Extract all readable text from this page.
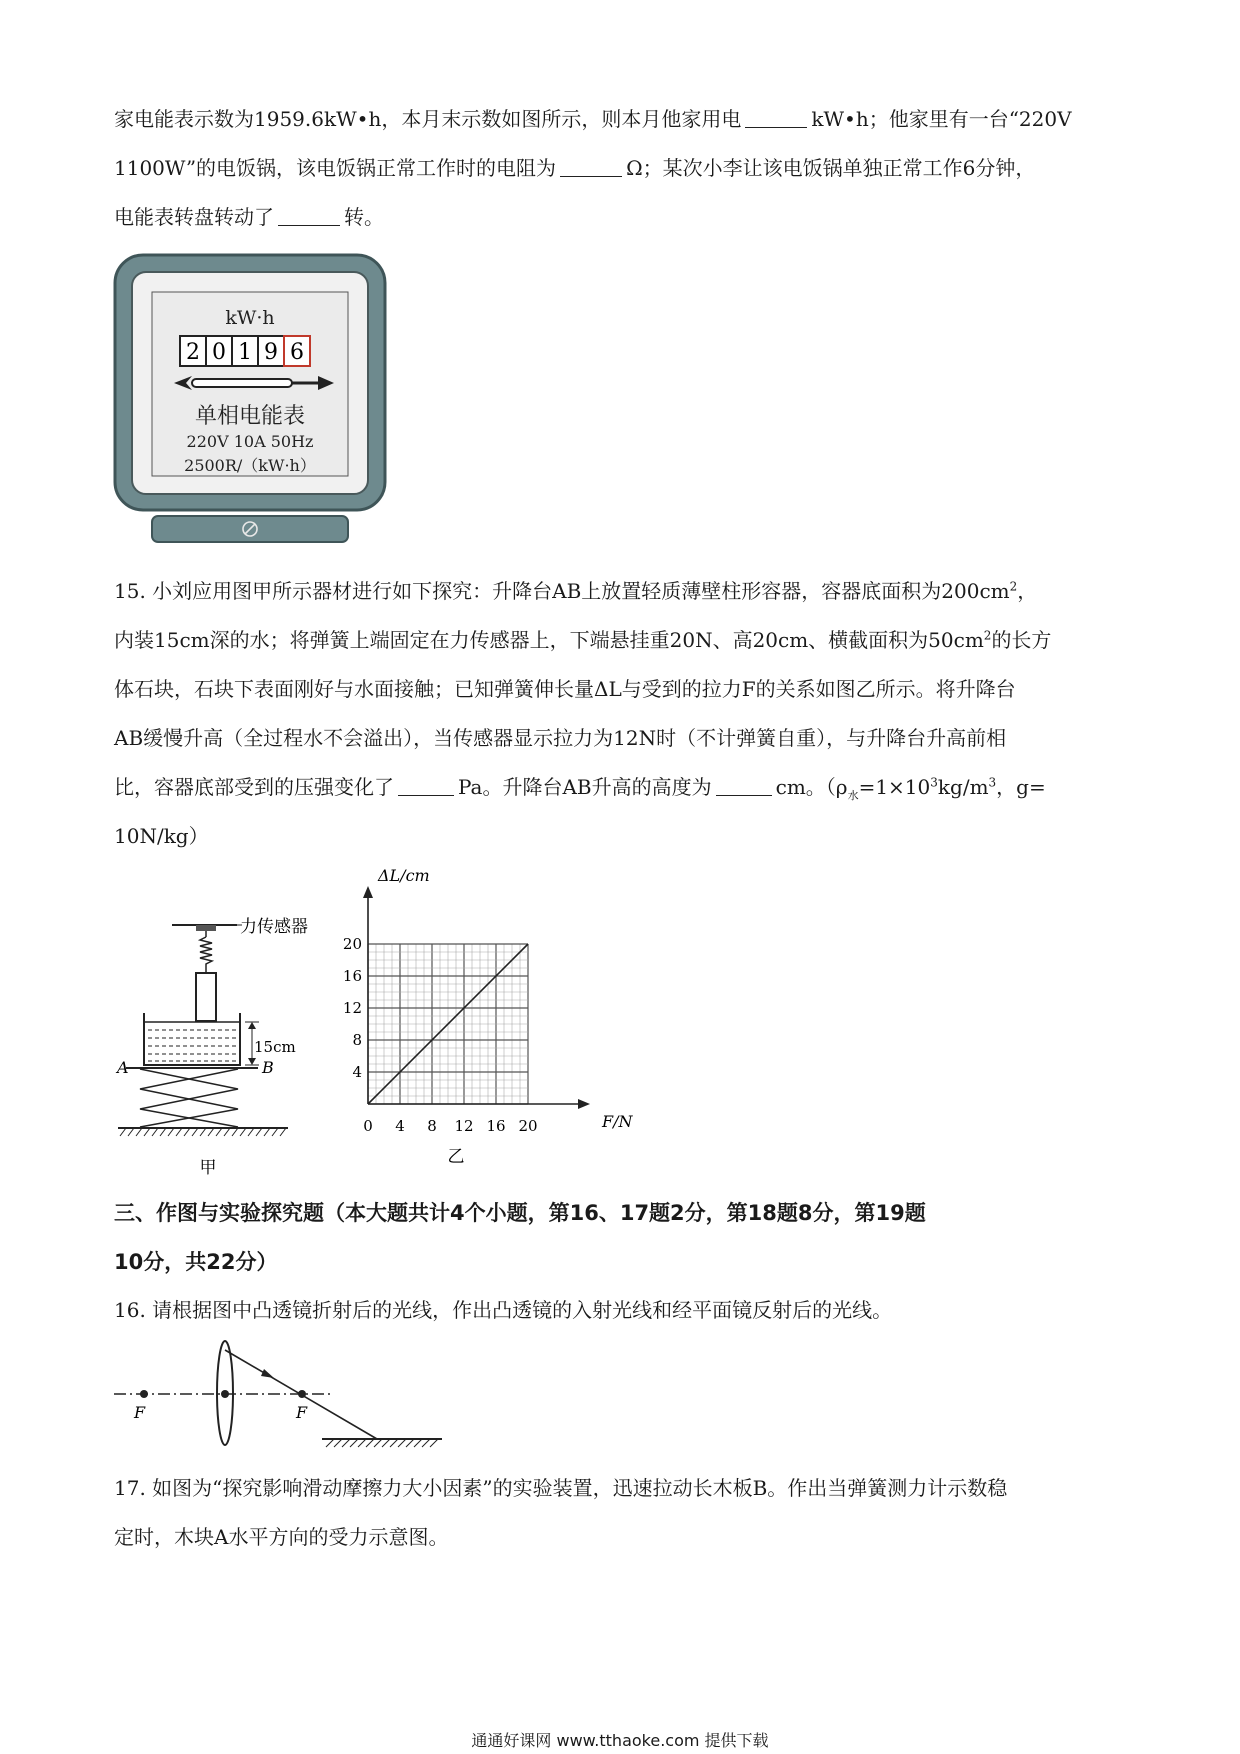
家电能表示数为1959.6kW•h，本月末示数如图所示，则本月他家用电	kW•h；他家里有一台“220V
1100W”的电饭锅，该电饭锅正常工作时的电阻为	Ω；某次小李让该电饭锅单独正常工作6分钟，
电能表转盘转动了	转。
kW·h
2 0 1 9 6
单相电能表
220V 10A 50Hz
2500R/（kW·h）
15. 小刘应用图甲所示器材进行如下探究：升降台AB上放置轻质薄壁柱形容器，容器底面积为$200cm^2$，
内装15cm深的水；将弹簧上端固定在力传感器上，下端悬挂重20N、高20cm、横截面积为$50cm^2$的长方
体石块，石块下表面刚好与水面接触；已知弹簧伸长量ΔL与受到的拉力F的关系如图乙所示。将升降台
AB缓慢升高（全过程水不会溢出），当传感器显示拉力为12N时（不计弹簧自重），与升降台升高前相
比，容器底部受到的压强变化了	Pa。升降台AB升高的高度为	cm。（$\rho_水=1\times 10^3kg/m^3$，g=
10N/kg）
力传感器
15cm
A	B
甲
0 4 8 12 16 20
4
8
12
16
20
ΔL/cm
F/N
乙
三、作图与实验探究题（本大题共计4个小题，第16、17题2分，第18题8分，第19题
10分，共22分）
16. 请根据图中凸透镜折射后的光线，作出凸透镜的入射光线和经平面镜反射后的光线。
F	F
17. 如图为“探究影响滑动摩擦力大小因素”的实验装置，迅速拉动长木板B。作出当弹簧测力计示数稳
定时，木块A水平方向的受力示意图。
通通好课网 www.tthaoke.com 提供下载
